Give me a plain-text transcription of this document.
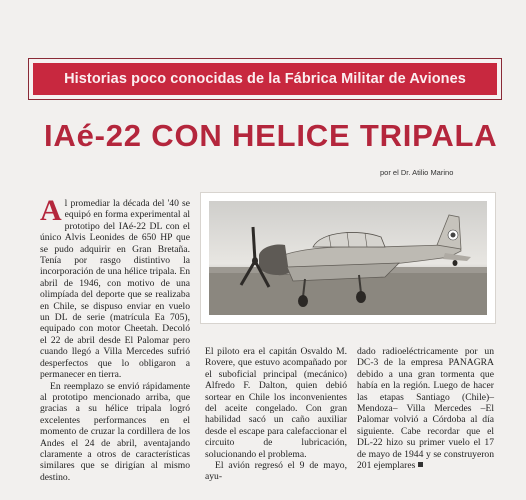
Historias poco conocidas de la Fábrica Militar de Aviones
IAé-22 CON HELICE TRIPALA
por el Dr. Atilio Marino

Al promediar la década del '40 se equipó en forma experimental al prototipo del IAé-22 DL con el único Alvis Leonides de 650 HP que se pudo adquirir en Gran Bretaña. Tenía por rasgo distintivo la incorporación de una hélice tripala. En abril de 1946, con motivo de una olimpíada del deporte que se realizaba en Chile, se dispuso enviar en vuelo un DL de serie (matrícula Ea 705), equipado con motor Cheetah. Decoló el 22 de abril desde El Palomar pero cuando llegó a Villa Mercedes sufrió desperfectos que lo obligaron a permanecer en tierra.

En reemplazo se envió rápidamente al prototipo mencionado arriba, que gracias a su hélice tripala logró excelentes performances en el momento de cruzar la cordillera de los Andes el 24 de abril, aventajando claramente a otros de características similares que se dirigían al mismo destino.

El piloto era el capitán Osvaldo M. Rovere, que estuvo acompañado por el suboficial principal (mecánico) Alfredo F. Dalton, quien debió sortear en Chile los inconvenientes del aceite congelado. Con gran habilidad sacó un caño auxiliar desde el escape para calefaccionar el circuito de lubricación, solucionando el problema.

El avión regresó el 9 de mayo, ayu-

dado radioeléctricamente por un DC-3 de la empresa PANAGRA debido a una gran tormenta que había en la región. Luego de hacer las etapas Santiago (Chile)– Mendoza– Villa Mercedes –El Palomar volvió a Córdoba al día siguiente. Cabe recordar que el DL-22 hizo su primer vuelo el 17 de mayo de 1944 y se construyeron 201 ejemplares
